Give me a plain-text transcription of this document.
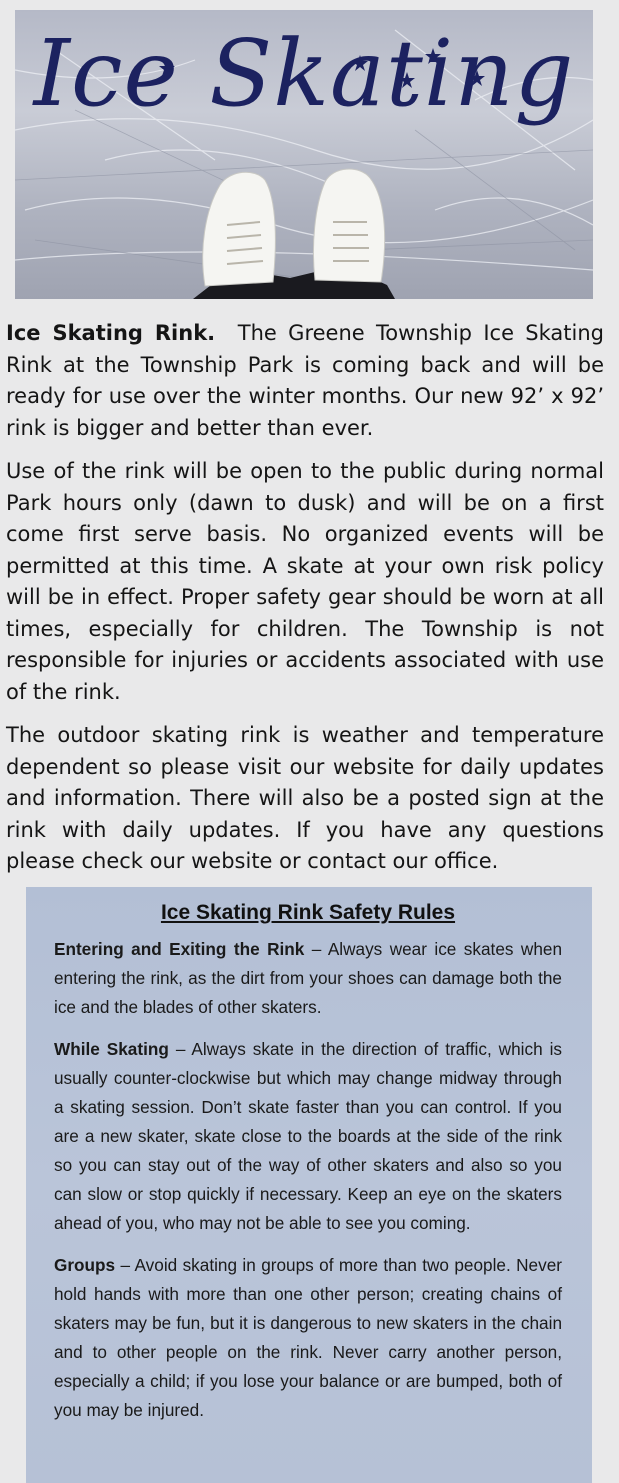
Ice Skating

Ice Skating Rink. The Greene Township Ice Skating Rink at the Township Park is coming back and will be ready for use over the winter months. Our new 92’ x 92’ rink is bigger and better than ever.

Use of the rink will be open to the public during normal Park hours only (dawn to dusk) and will be on a first come first serve basis. No organized events will be permitted at this time. A skate at your own risk policy will be in effect. Proper safety gear should be worn at all times, especially for children. The Township is not responsible for injuries or accidents associated with use of the rink.

The outdoor skating rink is weather and temperature dependent so please visit our website for daily updates and information. There will also be a posted sign at the rink with daily updates. If you have any questions please check our website or contact our office.

Ice Skating Rink Safety Rules
Entering and Exiting the Rink – Always wear ice skates when entering the rink, as the dirt from your shoes can damage both the ice and the blades of other skaters.
While Skating – Always skate in the direction of traffic, which is usually counter-clockwise but which may change midway through a skating session. Don’t skate faster than you can control. If you are a new skater, skate close to the boards at the side of the rink so you can stay out of the way of other skaters and also so you can slow or stop quickly if necessary. Keep an eye on the skaters ahead of you, who may not be able to see you coming.
Groups – Avoid skating in groups of more than two people. Never hold hands with more than one other person; creating chains of skaters may be fun, but it is dangerous to new skaters in the chain and to other people on the rink. Never carry another person, especially a child; if you lose your balance or are bumped, both of you may be injured.
